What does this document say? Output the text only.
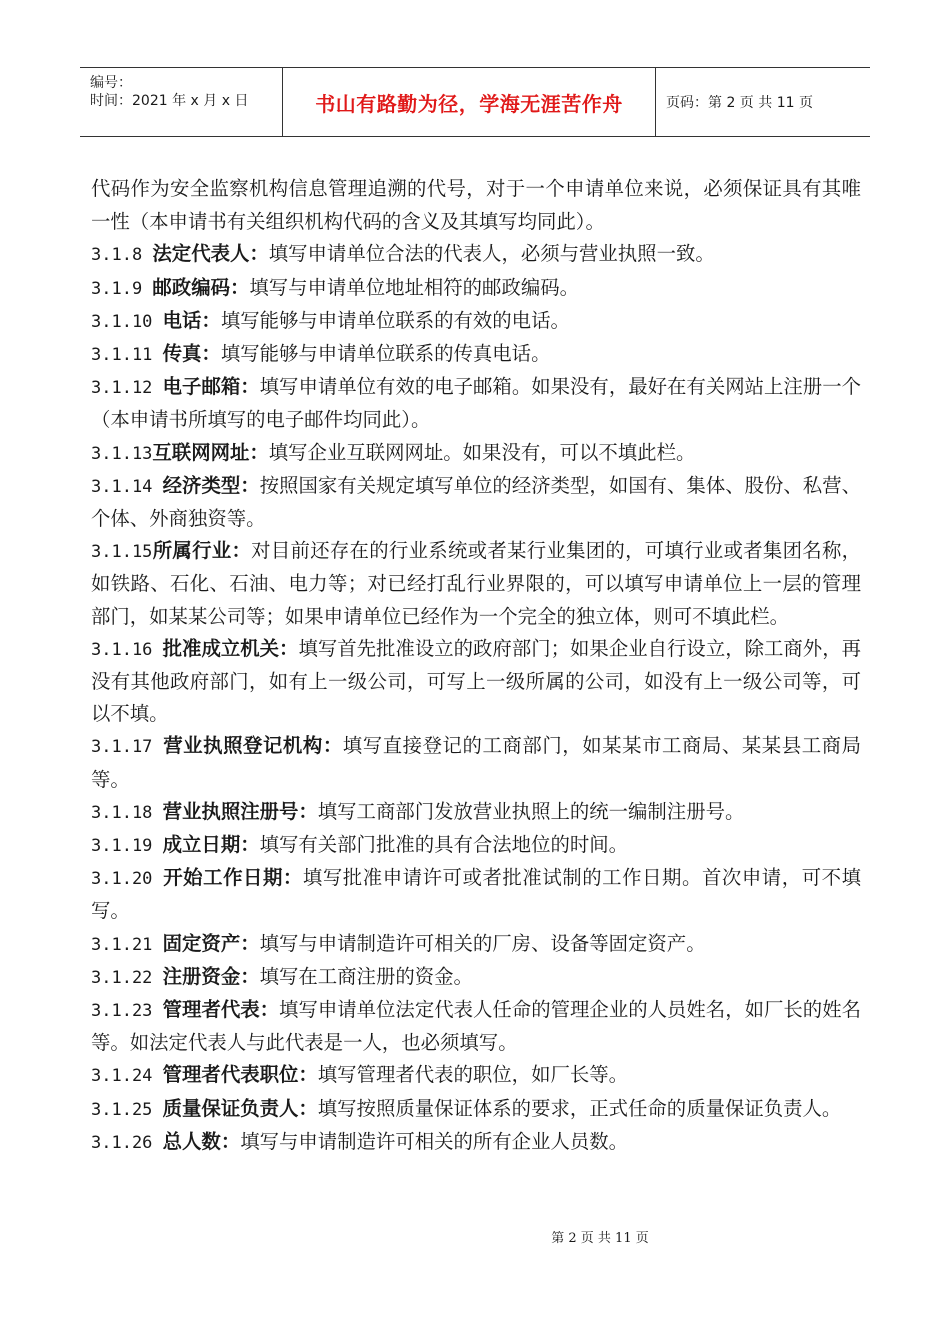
编号：
时间：2021 年 x 月 x 日	书山有路勤为径，学海无涯苦作舟	页码：第 2 页 共 11 页

代码作为安全监察机构信息管理追溯的代号，对于一个申请单位来说，必须保证具有其唯一性（本申请书有关组织机构代码的含义及其填写均同此）。

3.1.8 法定代表人：填写申请单位合法的代表人，必须与营业执照一致。

3.1.9 邮政编码：填写与申请单位地址相符的邮政编码。

3.1.10 电话：填写能够与申请单位联系的有效的电话。

3.1.11 传真：填写能够与申请单位联系的传真电话。

3.1.12 电子邮箱：填写申请单位有效的电子邮箱。如果没有，最好在有关网站上注册一个（本申请书所填写的电子邮件均同此）。

3.1.13互联网网址：填写企业互联网网址。如果没有，可以不填此栏。

3.1.14 经济类型：按照国家有关规定填写单位的经济类型，如国有、集体、股份、私营、个体、外商独资等。

3.1.15所属行业：对目前还存在的行业系统或者某行业集团的，可填行业或者集团名称，如铁路、石化、石油、电力等；对已经打乱行业界限的，可以填写申请单位上一层的管理部门，如某某公司等；如果申请单位已经作为一个完全的独立体，则可不填此栏。

3.1.16 批准成立机关：填写首先批准设立的政府部门；如果企业自行设立，除工商外，再没有其他政府部门，如有上一级公司，可写上一级所属的公司，如没有上一级公司等，可以不填。

3.1.17 营业执照登记机构：填写直接登记的工商部门，如某某市工商局、某某县工商局等。

3.1.18 营业执照注册号：填写工商部门发放营业执照上的统一编制注册号。

3.1.19 成立日期：填写有关部门批准的具有合法地位的时间。

3.1.20 开始工作日期：填写批准申请许可或者批准试制的工作日期。首次申请，可不填写。

3.1.21 固定资产：填写与申请制造许可相关的厂房、设备等固定资产。

3.1.22 注册资金：填写在工商注册的资金。

3.1.23 管理者代表：填写申请单位法定代表人任命的管理企业的人员姓名，如厂长的姓名等。如法定代表人与此代表是一人，也必须填写。

3.1.24 管理者代表职位：填写管理者代表的职位，如厂长等。

3.1.25 质量保证负责人：填写按照质量保证体系的要求，正式任命的质量保证负责人。

3.1.26 总人数：填写与申请制造许可相关的所有企业人员数。

第 2 页 共 11 页
